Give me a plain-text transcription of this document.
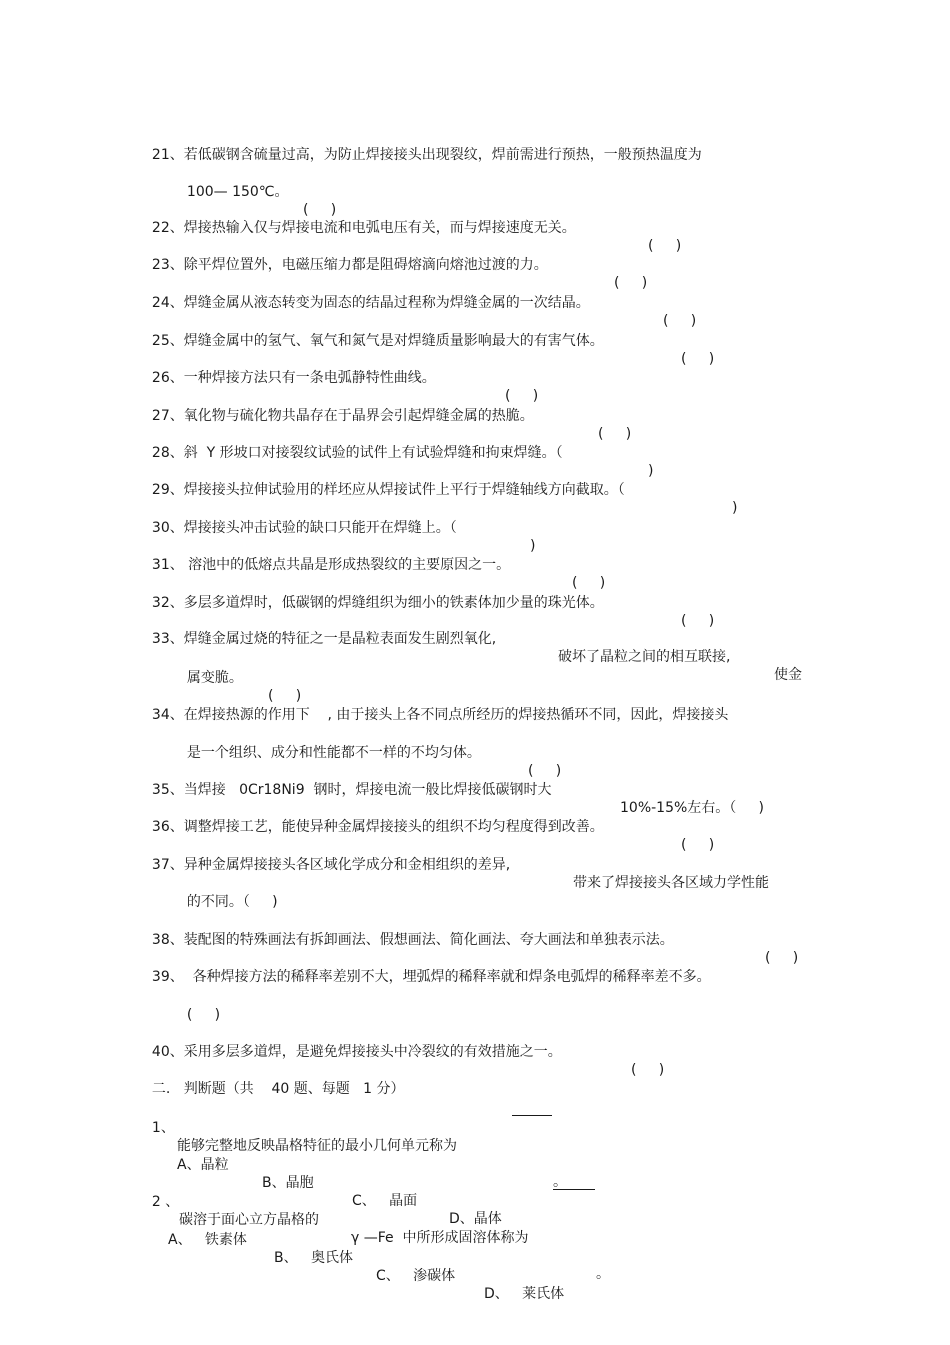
21、若低碳钢含硫量过高，为防止焊接接头出现裂纹，焊前需进行预热，一般预热温度为

100— 150℃。

(     )

22、焊接热输入仅与焊接电流和电弧电压有关，而与焊接速度无关。

(     )

23、除平焊位置外，电磁压缩力都是阻碍熔滴向熔池过渡的力。

(     )

24、焊缝金属从液态转变为固态的结晶过程称为焊缝金属的一次结晶。

(     )

25、焊缝金属中的氢气、氧气和氮气是对焊缝质量影响最大的有害气体。

(     )

26、一种焊接方法只有一条电弧静特性曲线。

(     )

27、氧化物与硫化物共晶存在于晶界会引起焊缝金属的热脆。

(     )

28、斜  Y 形坡口对接裂纹试验的试件上有试验焊缝和拘束焊缝。（

)

29、焊接接头拉伸试验用的样坯应从焊接试件上平行于焊缝轴线方向截取。（

)

30、焊接接头冲击试验的缺口只能开在焊缝上。（

)

31、 溶池中的低熔点共晶是形成热裂纹的主要原因之一。

(     )

32、多层多道焊时，低碳钢的焊缝组织为细小的铁素体加少量的珠光体。

(     )

33、焊缝金属过烧的特征之一是晶粒表面发生剧烈氧化,

破坏了晶粒之间的相互联接,

使金

属变脆。

(     )

34、在焊接热源的作用下    , 由于接头上各不同点所经历的焊接热循环不同，因此，焊接接头

是一个组织、成分和性能都不一样的不均匀体。

(     )

35、当焊接   0Cr18Ni9  钢时，焊接电流一般比焊接低碳钢时大

10%-15%左右。（     )

36、调整焊接工艺，能使异种金属焊接接头的组织不均匀程度得到改善。

(     )

37、异种金属焊接接头各区域化学成分和金相组织的差异,

带来了焊接接头各区域力学性能

的不同。（     )

38、装配图的特殊画法有拆卸画法、假想画法、简化画法、夸大画法和单独表示法。

(     )

39、  各种焊接方法的稀释率差别不大，埋弧焊的稀释率就和焊条电弧焊的稀释率差不多。

(     )

40、采用多层多道焊，是避免焊接接头中冷裂纹的有效措施之一。

(     )

二.   判断题（共    40 题、每题   1 分）

1、

能够完整地反映晶格特征的最小几何单元称为

。

A、晶粒

B、晶胞

C、   晶面

D、晶体

2 、

碳溶于面心立方晶格的

γ —Fe  中所形成固溶体称为

。

A、   铁素体

B、   奥氏体

C、   渗碳体

D、   莱氏体
